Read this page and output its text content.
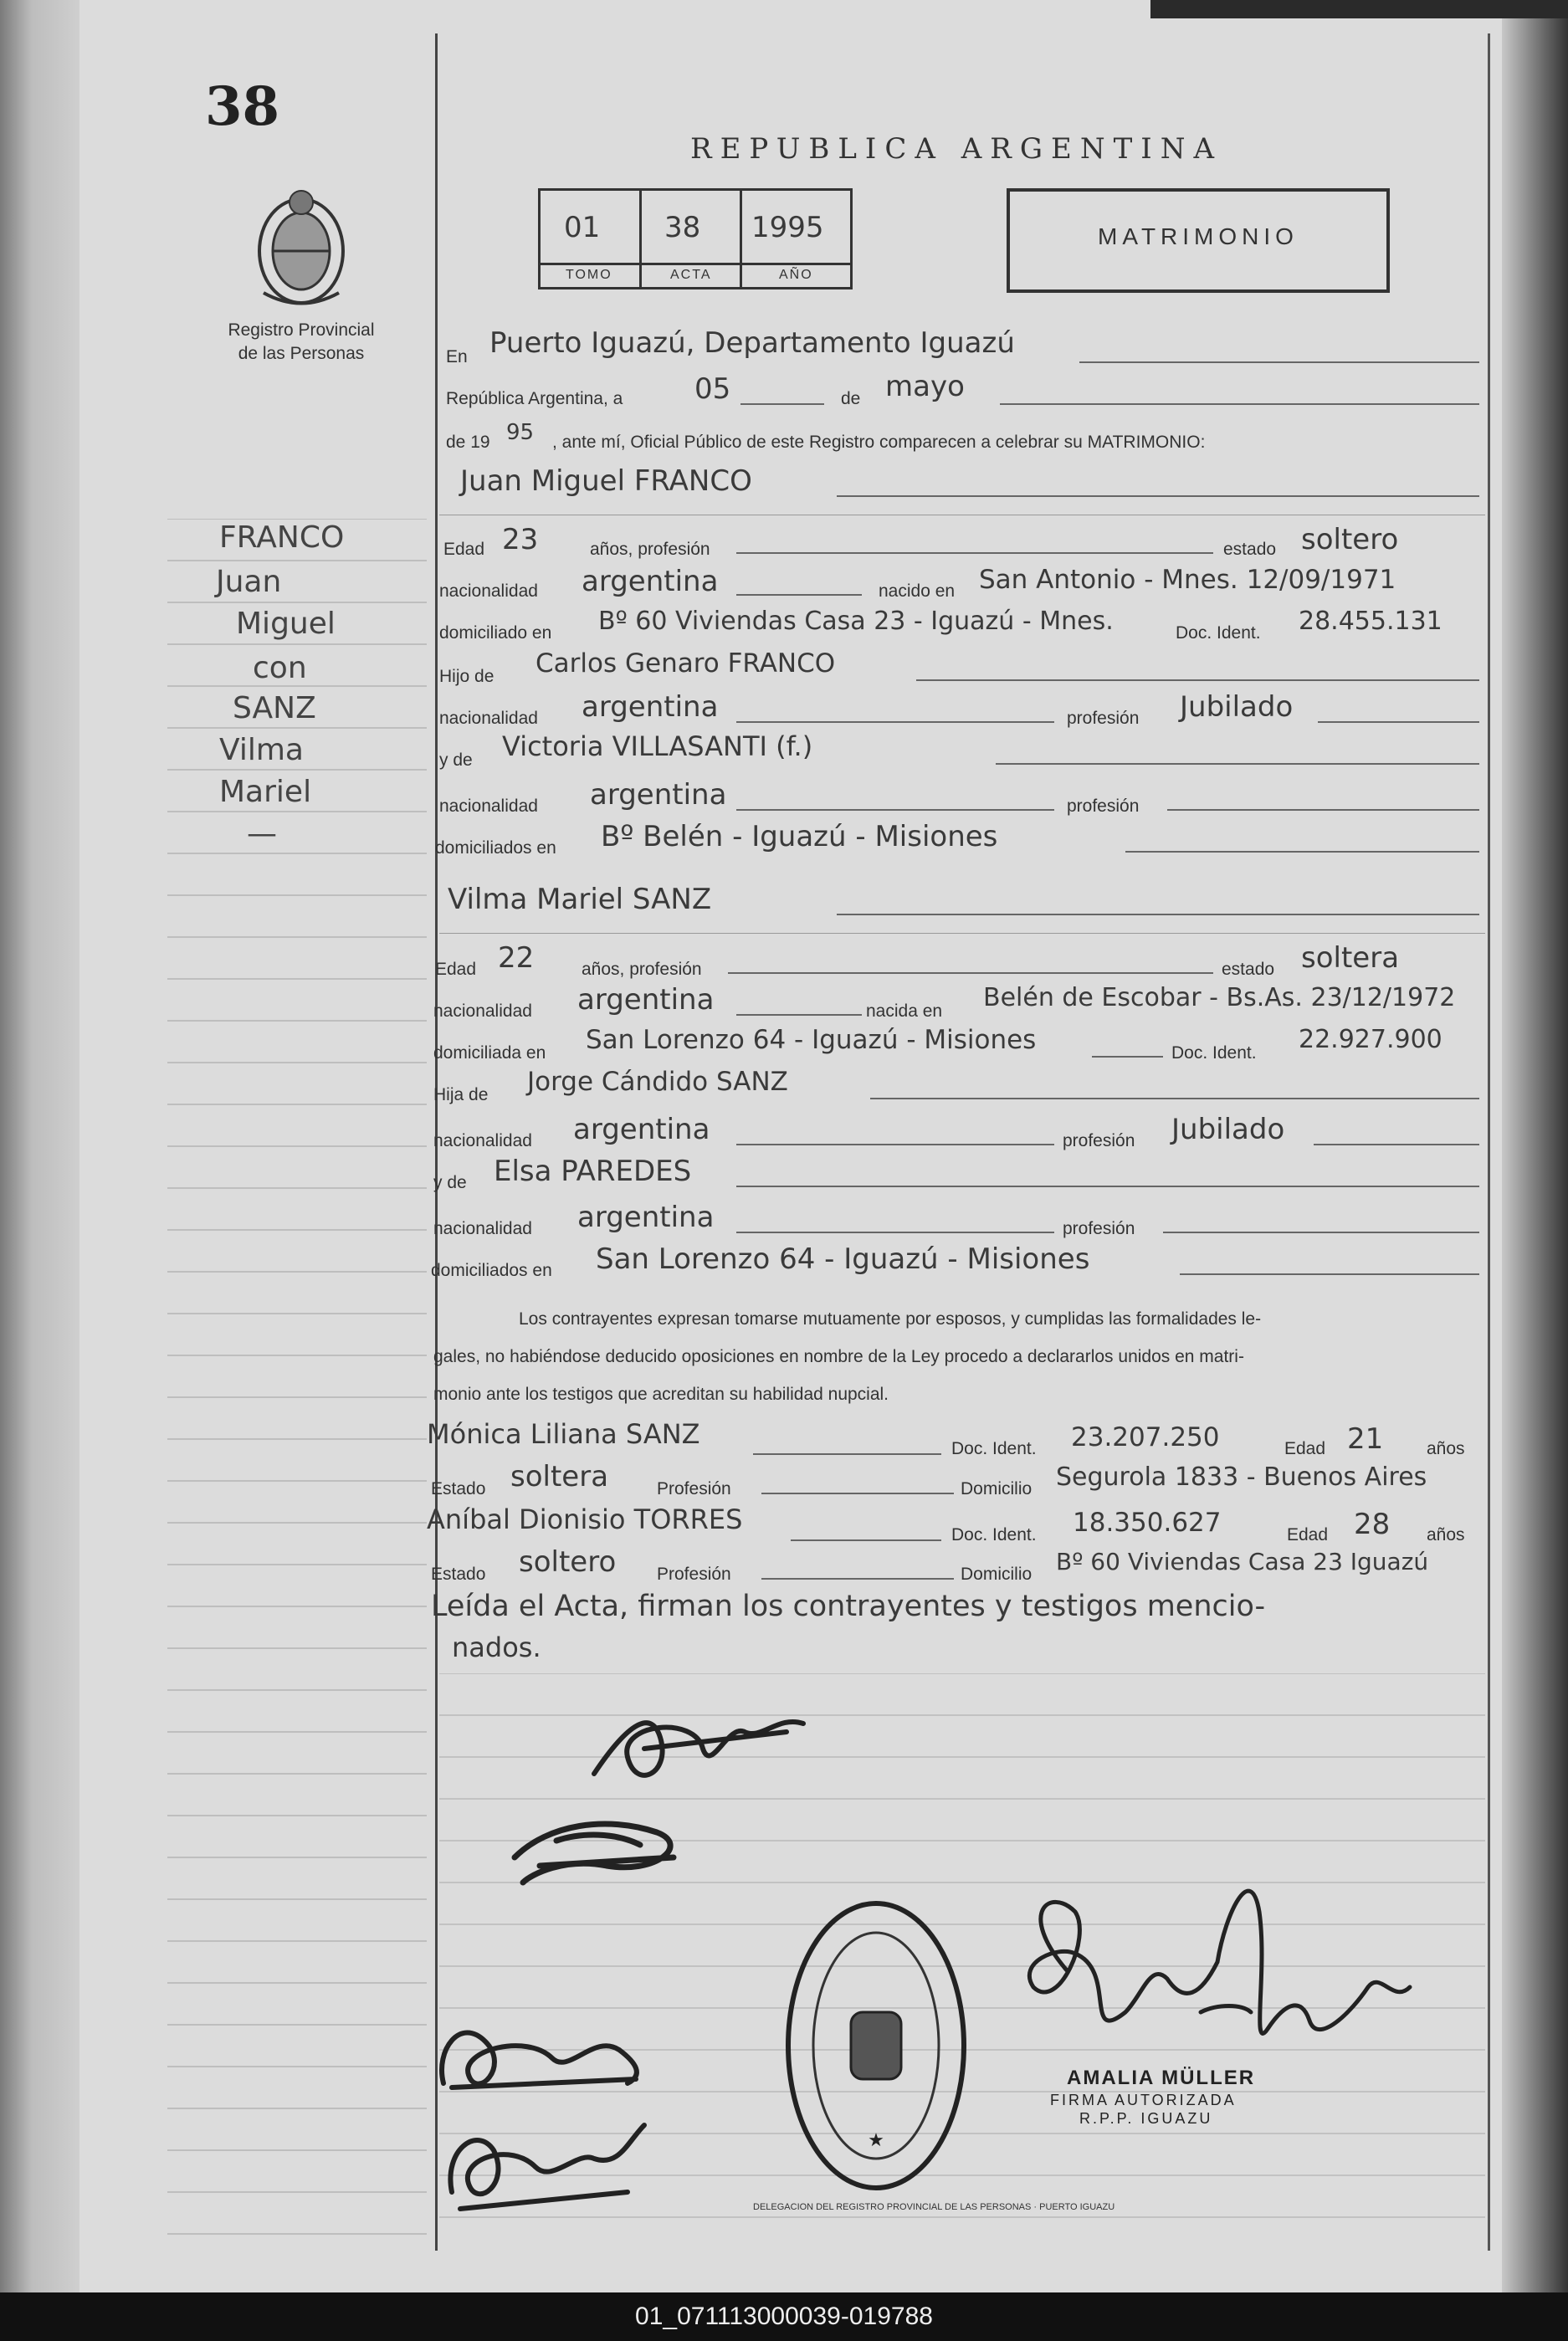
38
Registro Provincial
de las Personas
REPUBLICA ARGENTINA
01 38 1995
TOMO	ACTA	AÑO
MATRIMONIO
FRANCO
Juan
Miguel
con
SANZ
Vilma
Mariel
—
En Puerto Iguazú, Departamento Iguazú
República Argentina, a	05	de mayo
de 19 95 , ante mí, Oficial Público de este Registro comparecen a celebrar su MATRIMONIO:
Juan Miguel FRANCO
Edad 23	años, profesión	estado soltero
nacionalidad argentina	nacido en San Antonio - Mnes. 12/09/1971
domiciliado en Bº 60 Viviendas Casa 23 - Iguazú - Mnes.	Doc. Ident. 28.455.131
Hijo de Carlos Genaro FRANCO
nacionalidad argentina	profesión Jubilado
y de Victoria VILLASANTI (f.)
nacionalidad argentina	profesión
domiciliados en Bº Belén - Iguazú - Misiones
Vilma Mariel SANZ
Edad 22	años, profesión	estado soltera
nacionalidad argentina	nacida en Belén de Escobar - Bs.As. 23/12/1972
domiciliada en San Lorenzo 64 - Iguazú - Misiones	Doc. Ident. 22.927.900
Hija de Jorge Cándido SANZ
nacionalidad argentina	profesión Jubilado
y de Elsa PAREDES
nacionalidad argentina	profesión
domiciliados en San Lorenzo 64 - Iguazú - Misiones
Los contrayentes expresan tomarse mutuamente por esposos, y cumplidas las formalidades le-
gales, no habiéndose deducido oposiciones en nombre de la Ley procedo a declararlos unidos en matri-
monio ante los testigos que acreditan su habilidad nupcial.
Mónica Liliana SANZ	Doc. Ident. 23.207.250	Edad 21 años
Estado soltera	Profesión	Domicilio Segurola 1833 - Buenos Aires
Aníbal Dionisio TORRES	Doc. Ident. 18.350.627	Edad 28 años
Estado soltero Profesión	Domicilio Bº 60 Viviendas Casa 23 Iguazú
Leída el Acta, firman los contrayentes y testigos mencio-
nados.
★
DELEGACION DEL REGISTRO PROVINCIAL DE LAS PERSONAS · PUERTO IGUAZU
AMALIA MÜLLER
FIRMA AUTORIZADA
R.P.P. IGUAZU
01_071113000039-019788
